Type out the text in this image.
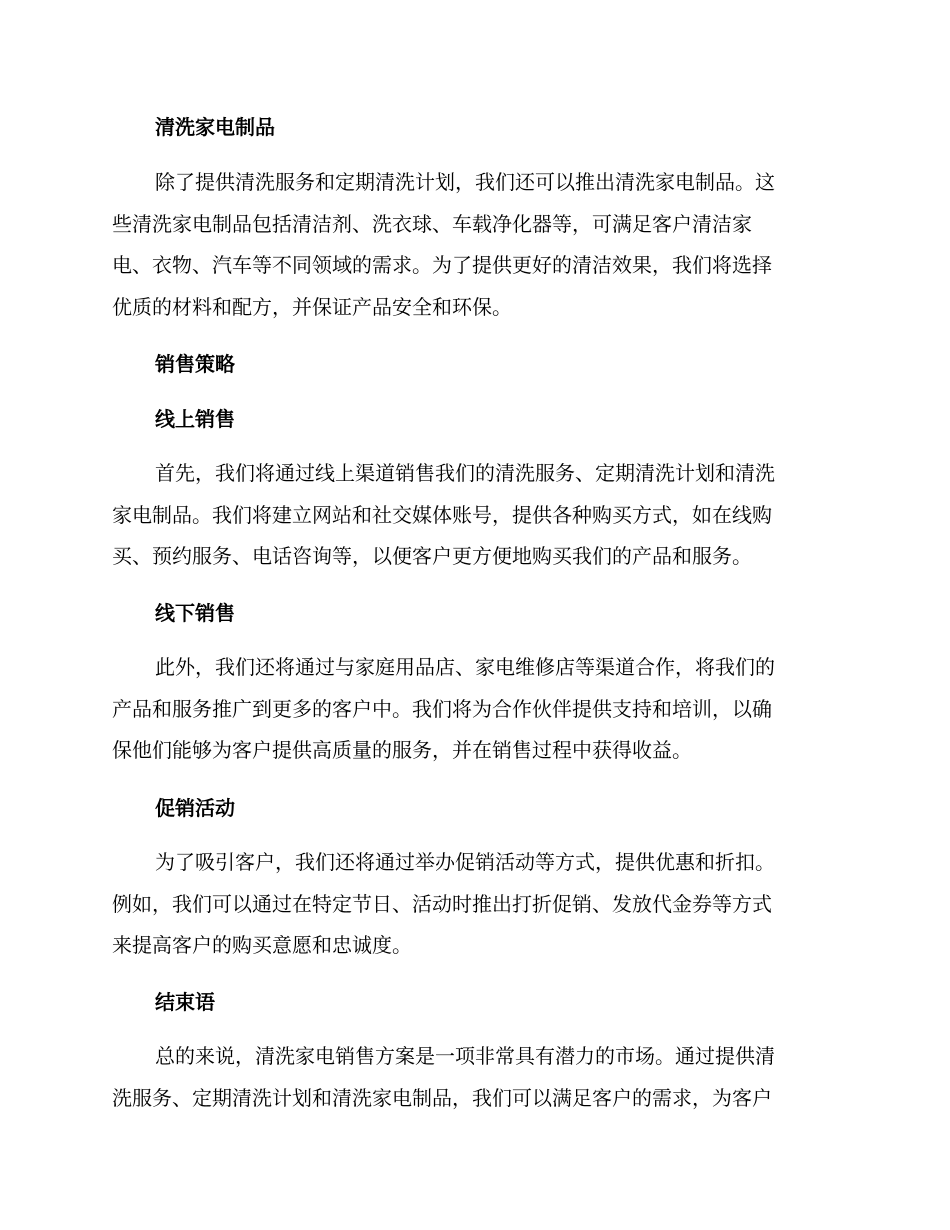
清洗家电制品

除了提供清洗服务和定期清洗计划，我们还可以推出清洗家电制品。这
些清洗家电制品包括清洁剂、洗衣球、车载净化器等，可满足客户清洁家
电、衣物、汽车等不同领域的需求。为了提供更好的清洁效果，我们将选择
优质的材料和配方，并保证产品安全和环保。

销售策略
线上销售

首先，我们将通过线上渠道销售我们的清洗服务、定期清洗计划和清洗
家电制品。我们将建立网站和社交媒体账号，提供各种购买方式，如在线购
买、预约服务、电话咨询等，以便客户更方便地购买我们的产品和服务。

线下销售

此外，我们还将通过与家庭用品店、家电维修店等渠道合作，将我们的
产品和服务推广到更多的客户中。我们将为合作伙伴提供支持和培训，以确
保他们能够为客户提供高质量的服务，并在销售过程中获得收益。

促销活动

为了吸引客户，我们还将通过举办促销活动等方式，提供优惠和折扣。
例如，我们可以通过在特定节日、活动时推出打折促销、发放代金券等方式
来提高客户的购买意愿和忠诚度。

结束语

总的来说，清洗家电销售方案是一项非常具有潜力的市场。通过提供清
洗服务、定期清洗计划和清洗家电制品，我们可以满足客户的需求，为客户
